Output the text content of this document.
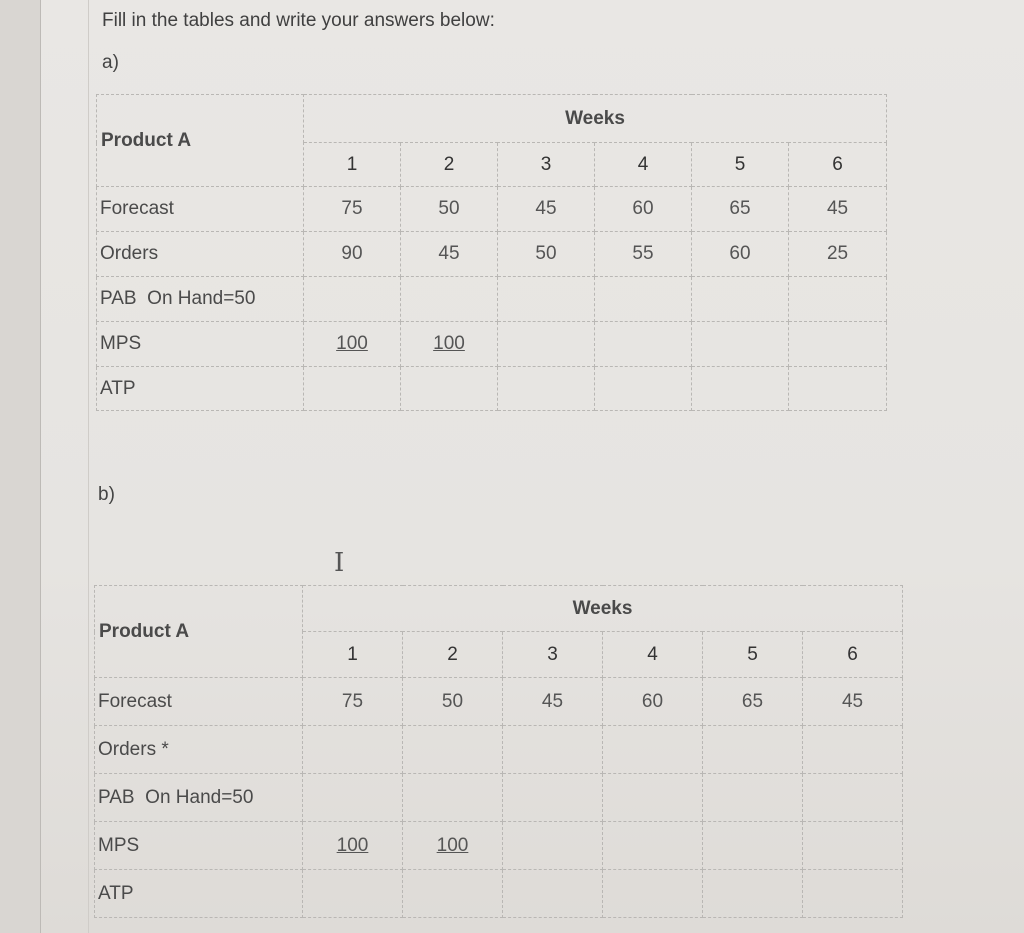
Fill in the tables and write your answers below:
a)
Product A	Weeks					
	1	2	3	4	5	6
Forecast	75	50	45	60	65	45
Orders	90	45	50	55	60	25
PAB  On Hand=50						
MPS	100	100				
ATP						
b)
I
Product A	Weeks					
	1	2	3	4	5	6
Forecast	75	50	45	60	65	45
Orders *						
PAB  On Hand=50						
MPS	100	100				
ATP						
